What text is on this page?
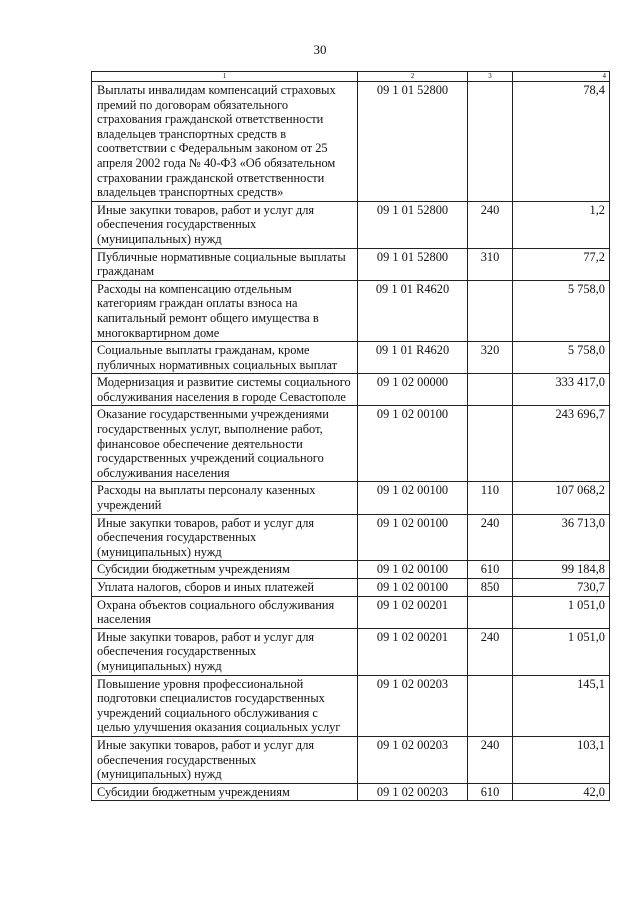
30
1	2	3	4
Выплаты инвалидам компенсаций страховых премий по договорам обязательного страхования гражданской ответственности владельцев транспортных средств в соответствии с Федеральным законом от 25 апреля 2002 года № 40-ФЗ «Об обязательном страховании гражданской ответственности владельцев транспортных средств»	09 1 01 52800		78,4
Иные закупки товаров, работ и услуг для обеспечения государственных (муниципальных) нужд	09 1 01 52800	240	1,2
Публичные нормативные социальные выплаты гражданам	09 1 01 52800	310	77,2
Расходы на компенсацию отдельным категориям граждан оплаты взноса на капитальный ремонт общего имущества в многоквартирном доме	09 1 01 R4620		5 758,0
Социальные выплаты гражданам, кроме публичных нормативных социальных выплат	09 1 01 R4620	320	5 758,0
Модернизация и развитие системы социального обслуживания населения в городе Севастополе	09 1 02 00000		333 417,0
Оказание государственными учреждениями государственных услуг, выполнение работ, финансовое обеспечение деятельности государственных учреждений социального обслуживания населения	09 1 02 00100		243 696,7
Расходы на выплаты персоналу казенных учреждений	09 1 02 00100	110	107 068,2
Иные закупки товаров, работ и услуг для обеспечения государственных (муниципальных) нужд	09 1 02 00100	240	36 713,0
Субсидии бюджетным учреждениям	09 1 02 00100	610	99 184,8
Уплата налогов, сборов и иных платежей	09 1 02 00100	850	730,7
Охрана объектов социального обслуживания населения	09 1 02 00201		1 051,0
Иные закупки товаров, работ и услуг для обеспечения государственных (муниципальных) нужд	09 1 02 00201	240	1 051,0
Повышение уровня профессиональной подготовки специалистов государственных учреждений социального обслуживания с целью улучшения оказания социальных услуг	09 1 02 00203		145,1
Иные закупки товаров, работ и услуг для обеспечения государственных (муниципальных) нужд	09 1 02 00203	240	103,1
Субсидии бюджетным учреждениям	09 1 02 00203	610	42,0
